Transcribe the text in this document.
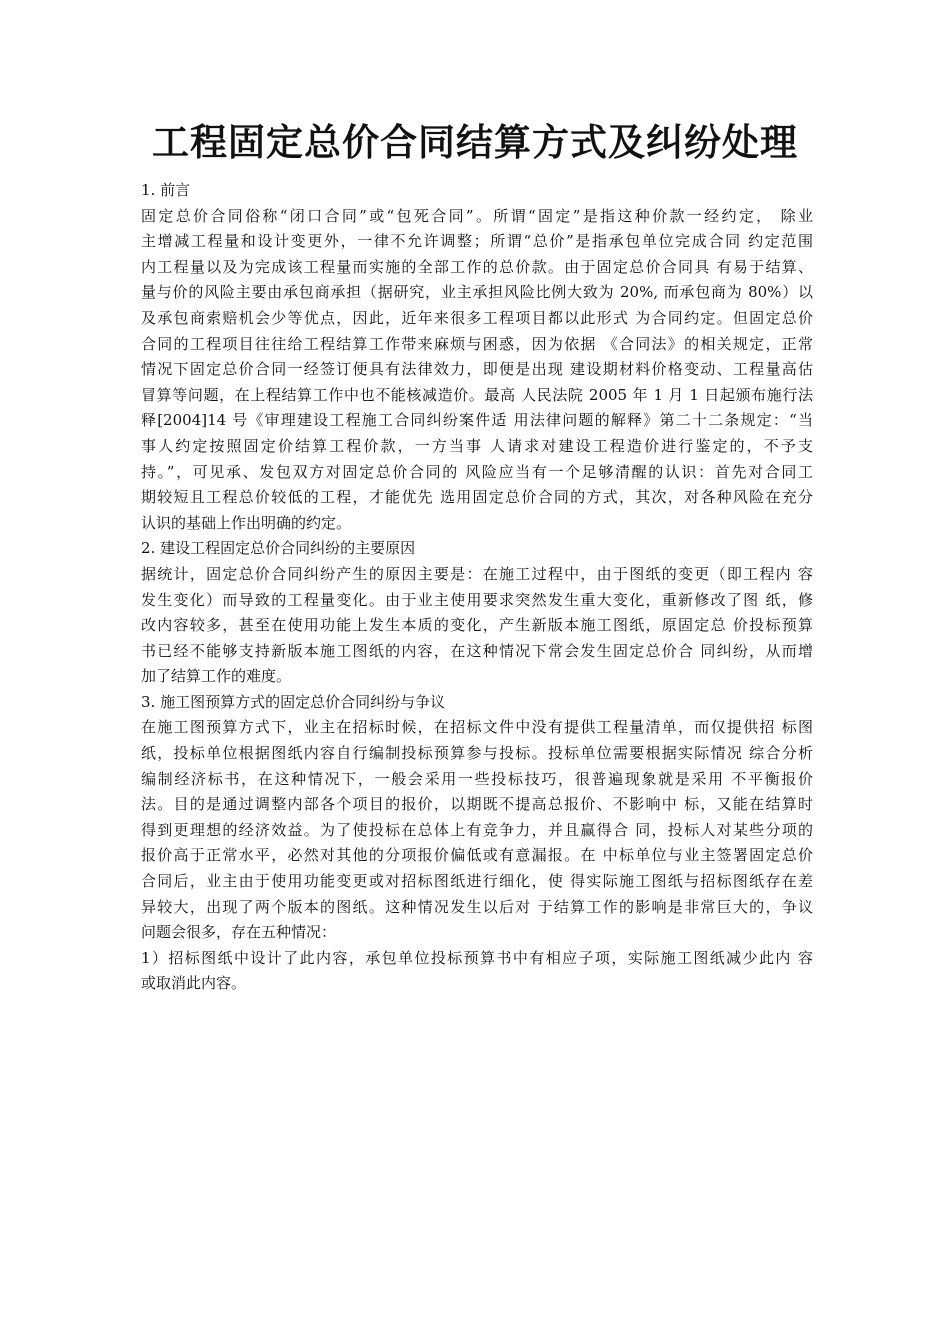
工程固定总价合同结算方式及纠纷处理
1. 前言
固定总价合同俗称“闭口合同”或“包死合同”。所谓“固定”是指这种价款一经约定， 除业
主增减工程量和设计变更外，一律不允许调整；所谓“总价”是指承包单位完成合同 约定范围
内工程量以及为完成该工程量而实施的全部工作的总价款。由于固定总价合同具 有易于结算、
量与价的风险主要由承包商承担（据研究，业主承担风险比例大致为 20%, 而承包商为 80%）以
及承包商索赔机会少等优点，因此，近年来很多工程项目都以此形式 为合同约定。但固定总价
合同的工程项目往往给工程结算工作带来麻烦与困惑，因为依据 《合同法》的相关规定，正常
情况下固定总价合同一经签订便具有法律效力，即便是出现 建设期材料价格变动、工程量高估
冒算等问题，在上程结算工作中也不能核减造价。最高 人民法院 2005 年 1 月 1 日起颁布施行法
释[2004]14 号《审理建设工程施工合同纠纷案件适 用法律问题的解释》第二十二条规定：“当
事人约定按照固定价结算工程价款，一方当事 人请求对建设工程造价进行鉴定的，不予支
持。”，可见承、发包双方对固定总价合同的 风险应当有一个足够清醒的认识：首先对合同工
期较短且工程总价较低的工程，才能优先 选用固定总价合同的方式，其次，对各种风险在充分
认识的基础上作出明确的约定。
2. 建设工程固定总价合同纠纷的主要原因
据统计，固定总价合同纠纷产生的原因主要是：在施工过程中，由于图纸的变更（即工程内 容
发生变化）而导致的工程量变化。由于业主使用要求突然发生重大变化，重新修改了图 纸，修
改内容较多，甚至在使用功能上发生本质的变化，产生新版本施工图纸，原固定总 价投标预算
书已经不能够支持新版本施工图纸的内容，在这种情况下常会发生固定总价合 同纠纷，从而增
加了结算工作的难度。
3. 施工图预算方式的固定总价合同纠纷与争议
在施工图预算方式下，业主在招标时候，在招标文件中没有提供工程量清单，而仅提供招 标图
纸，投标单位根据图纸内容自行编制投标预算参与投标。投标单位需要根据实际情况 综合分析
编制经济标书，在这种情况下，一般会采用一些投标技巧，很普遍现象就是采用 不平衡报价
法。目的是通过调整内部各个项目的报价，以期既不提高总报价、不影响中 标，又能在结算时
得到更理想的经济效益。为了使投标在总体上有竞争力，并且赢得合 同，投标人对某些分项的
报价高于正常水平，必然对其他的分项报价偏低或有意漏报。在 中标单位与业主签署固定总价
合同后，业主由于使用功能变更或对招标图纸进行细化，使 得实际施工图纸与招标图纸存在差
异较大，出现了两个版本的图纸。这种情况发生以后对 于结算工作的影响是非常巨大的，争议
问题会很多，存在五种情况：
1）招标图纸中设计了此内容，承包单位投标预算书中有相应子项，实际施工图纸减少此内 容
或取消此内容。
